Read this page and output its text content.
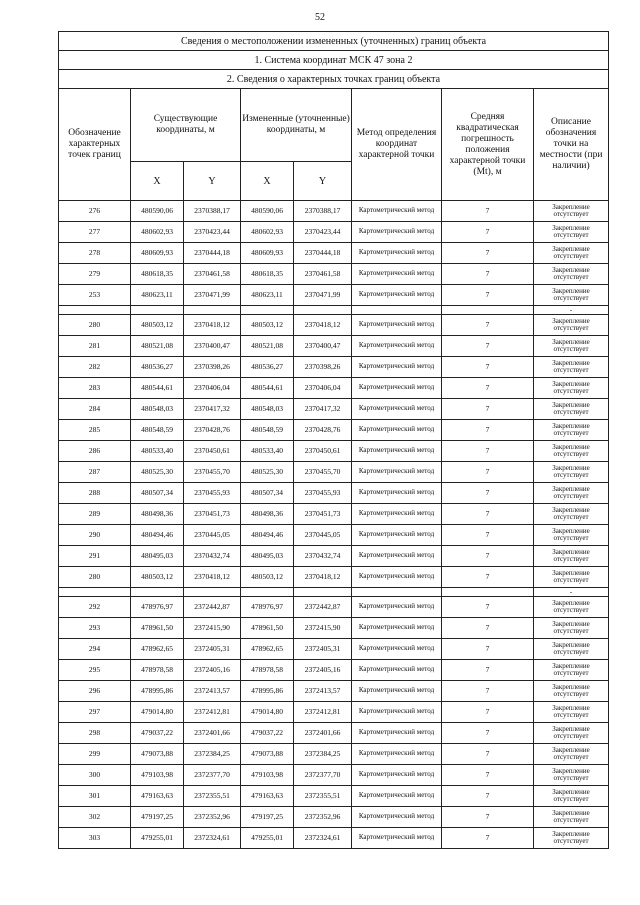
52
Сведения о местоположении измененных (уточненных) границ объекта							
1. Система координат МСК 47 зона 2							
2. Сведения о характерных точках границ объекта							
Обозначение характерных точек границ	Существующие координаты, м		Измененные (уточненные) координаты, м		Метод определения координат характерной точки	Средняя квадратическая погрешность положения характерной точки (Mt), м	Описание обозначения точки на местности (при наличии)
	X	Y	X	Y			
276	480590,06	2370388,17	480590,06	2370388,17	Картометрический метод	7	Закрепление отсутствует
277	480602,93	2370423,44	480602,93	2370423,44	Картометрический метод	7	Закрепление отсутствует
278	480609,93	2370444,18	480609,93	2370444,18	Картометрический метод	7	Закрепление отсутствует
279	480618,35	2370461,58	480618,35	2370461,58	Картометрический метод	7	Закрепление отсутствует
253	480623,11	2370471,99	480623,11	2370471,99	Картометрический метод	7	Закрепление отсутствует
							-
280	480503,12	2370418,12	480503,12	2370418,12	Картометрический метод	7	Закрепление отсутствует
281	480521,08	2370400,47	480521,08	2370400,47	Картометрический метод	7	Закрепление отсутствует
282	480536,27	2370398,26	480536,27	2370398,26	Картометрический метод	7	Закрепление отсутствует
283	480544,61	2370406,04	480544,61	2370406,04	Картометрический метод	7	Закрепление отсутствует
284	480548,03	2370417,32	480548,03	2370417,32	Картометрический метод	7	Закрепление отсутствует
285	480548,59	2370428,76	480548,59	2370428,76	Картометрический метод	7	Закрепление отсутствует
286	480533,40	2370450,61	480533,40	2370450,61	Картометрический метод	7	Закрепление отсутствует
287	480525,30	2370455,70	480525,30	2370455,70	Картометрический метод	7	Закрепление отсутствует
288	480507,34	2370455,93	480507,34	2370455,93	Картометрический метод	7	Закрепление отсутствует
289	480498,36	2370451,73	480498,36	2370451,73	Картометрический метод	7	Закрепление отсутствует
290	480494,46	2370445,05	480494,46	2370445,05	Картометрический метод	7	Закрепление отсутствует
291	480495,03	2370432,74	480495,03	2370432,74	Картометрический метод	7	Закрепление отсутствует
280	480503,12	2370418,12	480503,12	2370418,12	Картометрический метод	7	Закрепление отсутствует
							-
292	478976,97	2372442,87	478976,97	2372442,87	Картометрический метод	7	Закрепление отсутствует
293	478961,50	2372415,90	478961,50	2372415,90	Картометрический метод	7	Закрепление отсутствует
294	478962,65	2372405,31	478962,65	2372405,31	Картометрический метод	7	Закрепление отсутствует
295	478978,58	2372405,16	478978,58	2372405,16	Картометрический метод	7	Закрепление отсутствует
296	478995,86	2372413,57	478995,86	2372413,57	Картометрический метод	7	Закрепление отсутствует
297	479014,80	2372412,81	479014,80	2372412,81	Картометрический метод	7	Закрепление отсутствует
298	479037,22	2372401,66	479037,22	2372401,66	Картометрический метод	7	Закрепление отсутствует
299	479073,88	2372384,25	479073,88	2372384,25	Картометрический метод	7	Закрепление отсутствует
300	479103,98	2372377,70	479103,98	2372377,70	Картометрический метод	7	Закрепление отсутствует
301	479163,63	2372355,51	479163,63	2372355,51	Картометрический метод	7	Закрепление отсутствует
302	479197,25	2372352,96	479197,25	2372352,96	Картометрический метод	7	Закрепление отсутствует
303	479255,01	2372324,61	479255,01	2372324,61	Картометрический метод	7	Закрепление отсутствует
